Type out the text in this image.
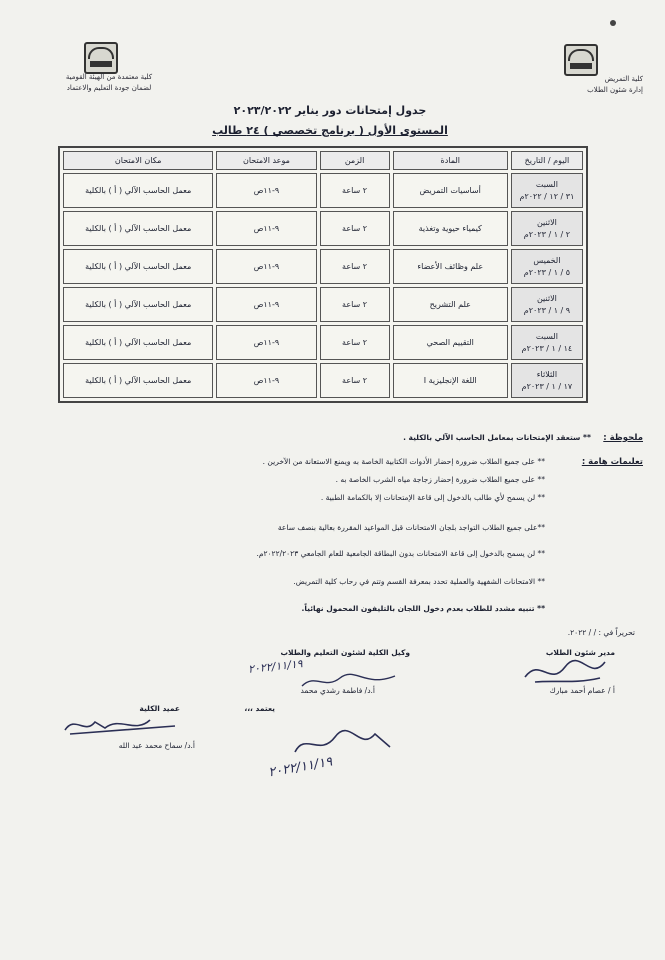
كلية التمريض
إدارة شئون الطلاب
كلية معتمدة من الهيئة القومية
لضمان جودة التعليم والاعتماد
جدول إمتحانات دور يناير ٢٠٢٣/٢٠٢٢
المستوى الأول ( برنامج تخصصي ) ٢٤ طالب
اليوم / التاريخ	المادة	الزمن	موعد الامتحان	مكان الامتحان

السبت
٣١ / ١٢ / ٢٠٢٢م	أساسيات التمريض	٢ ساعة	٩-١١ص	معمل الحاسب الآلي ( أ ) بالكلية

الاثنين
٢ / ١ / ٢٠٢٣م	كيمياء حيوية وتغذية	٢ ساعة	٩-١١ص	معمل الحاسب الآلي ( أ ) بالكلية

الخميس
٥ / ١ / ٢٠٢٣م	علم وظائف الأعضاء	٢ ساعة	٩-١١ص	معمل الحاسب الآلي ( أ ) بالكلية

الاثنين
٩ / ١ / ٢٠٢٣م	علم التشريح	٢ ساعة	٩-١١ص	معمل الحاسب الآلي ( أ ) بالكلية

السبت
١٤ / ١ / ٢٠٢٣م	التقييم الصحي	٢ ساعة	٩-١١ص	معمل الحاسب الآلي ( أ ) بالكلية

الثلاثاء
١٧ / ١ / ٢٠٢٣م	اللغة الإنجليزية I	٢ ساعة	٩-١١ص	معمل الحاسب الآلي ( أ ) بالكلية
ملحوظة : ** ستعقد الإمتحانات بمعامل الحاسب الآلي بالكلية .
تعليمات هامة :
** على جميع الطلاب ضرورة إحضار الأدوات الكتابية الخاصة به ويمنع الاستعانة من الآخرين .
** على جميع الطلاب ضرورة إحضار زجاجة مياه الشرب الخاصة به .
** لن يسمح لأي طالب بالدخول إلى قاعة الإمتحانات إلا بالكمامة الطبية .
**على جميع الطلاب التواجد بلجان الامتحانات قبل المواعيد المقررة بعالية بنصف ساعة
** لن يسمح بالدخول إلى قاعة الامتحانات بدون البطاقة الجامعية للعام الجامعي ٢٠٢٢/٢٠٢٣م.
** الامتحانات الشفهية والعملية تحدد بمعرفة القسم وتتم في رحاب كلية التمريض.
** تنبيه مشدد للطلاب بعدم دخول اللجان بالتليفون المحمول نهائياً.
تحريراً في : / / ٢٠٢٢.
مدير شئون الطلاب
أ / عصام أحمد مبارك
وكيل الكلية لشئون التعليم والطلاب
أ.د/ فاطمة رشدي محمد
يعتمد ،،،
عميد الكلية
أ.د/ سماح محمد عبد الله
٢٠٢٢/١١/١٩
٢٠٢٢/١١/١٩
